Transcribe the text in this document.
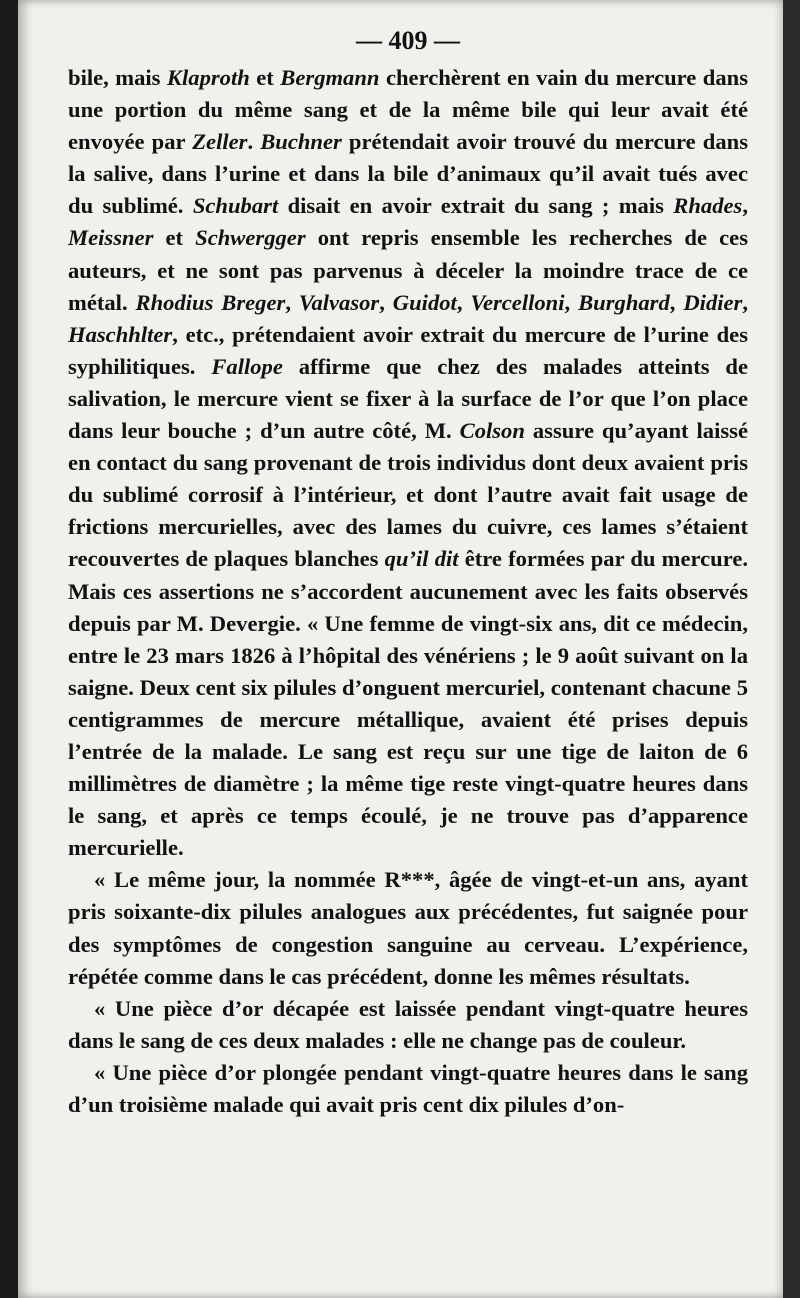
— 409 —

bile, mais Klaproth et Bergmann cherchèrent en vain du mercure dans une portion du même sang et de la même bile qui leur avait été envoyée par Zeller. Buchner prétendait avoir trouvé du mercure dans la salive, dans l’urine et dans la bile d’animaux qu’il avait tués avec du sublimé. Schubart disait en avoir extrait du sang ; mais Rhades, Meissner et Schwergger ont repris ensemble les recherches de ces auteurs, et ne sont pas parvenus à déceler la moindre trace de ce métal. Rhodius Breger, Valvasor, Guidot, Vercelloni, Burghard, Didier, Haschhlter, etc., prétendaient avoir extrait du mercure de l’urine des syphilitiques. Fallope affirme que chez des malades atteints de salivation, le mercure vient se fixer à la surface de l’or que l’on place dans leur bouche ; d’un autre côté, M. Colson assure qu’ayant laissé en contact du sang provenant de trois individus dont deux avaient pris du sublimé corrosif à l’intérieur, et dont l’autre avait fait usage de frictions mercurielles, avec des lames du cuivre, ces lames s’étaient recouvertes de plaques blanches qu’il dit être formées par du mercure. Mais ces assertions ne s’accordent aucunement avec les faits observés depuis par M. Devergie. « Une femme de vingt-six ans, dit ce médecin, entre le 23 mars 1826 à l’hôpital des vénériens ; le 9 août suivant on la saigne. Deux cent six pilules d’onguent mercuriel, contenant chacune 5 centigrammes de mercure métallique, avaient été prises depuis l’entrée de la malade. Le sang est reçu sur une tige de laiton de 6 millimètres de diamètre ; la même tige reste vingt-quatre heures dans le sang, et après ce temps écoulé, je ne trouve pas d’apparence mercurielle.

« Le même jour, la nommée R***, âgée de vingt-et-un ans, ayant pris soixante-dix pilules analogues aux précédentes, fut saignée pour des symptômes de congestion sanguine au cerveau. L’expérience, répétée comme dans le cas précédent, donne les mêmes résultats.

« Une pièce d’or décapée est laissée pendant vingt-quatre heures dans le sang de ces deux malades : elle ne change pas de couleur.

« Une pièce d’or plongée pendant vingt-quatre heures dans le sang d’un troisième malade qui avait pris cent dix pilules d’on-
